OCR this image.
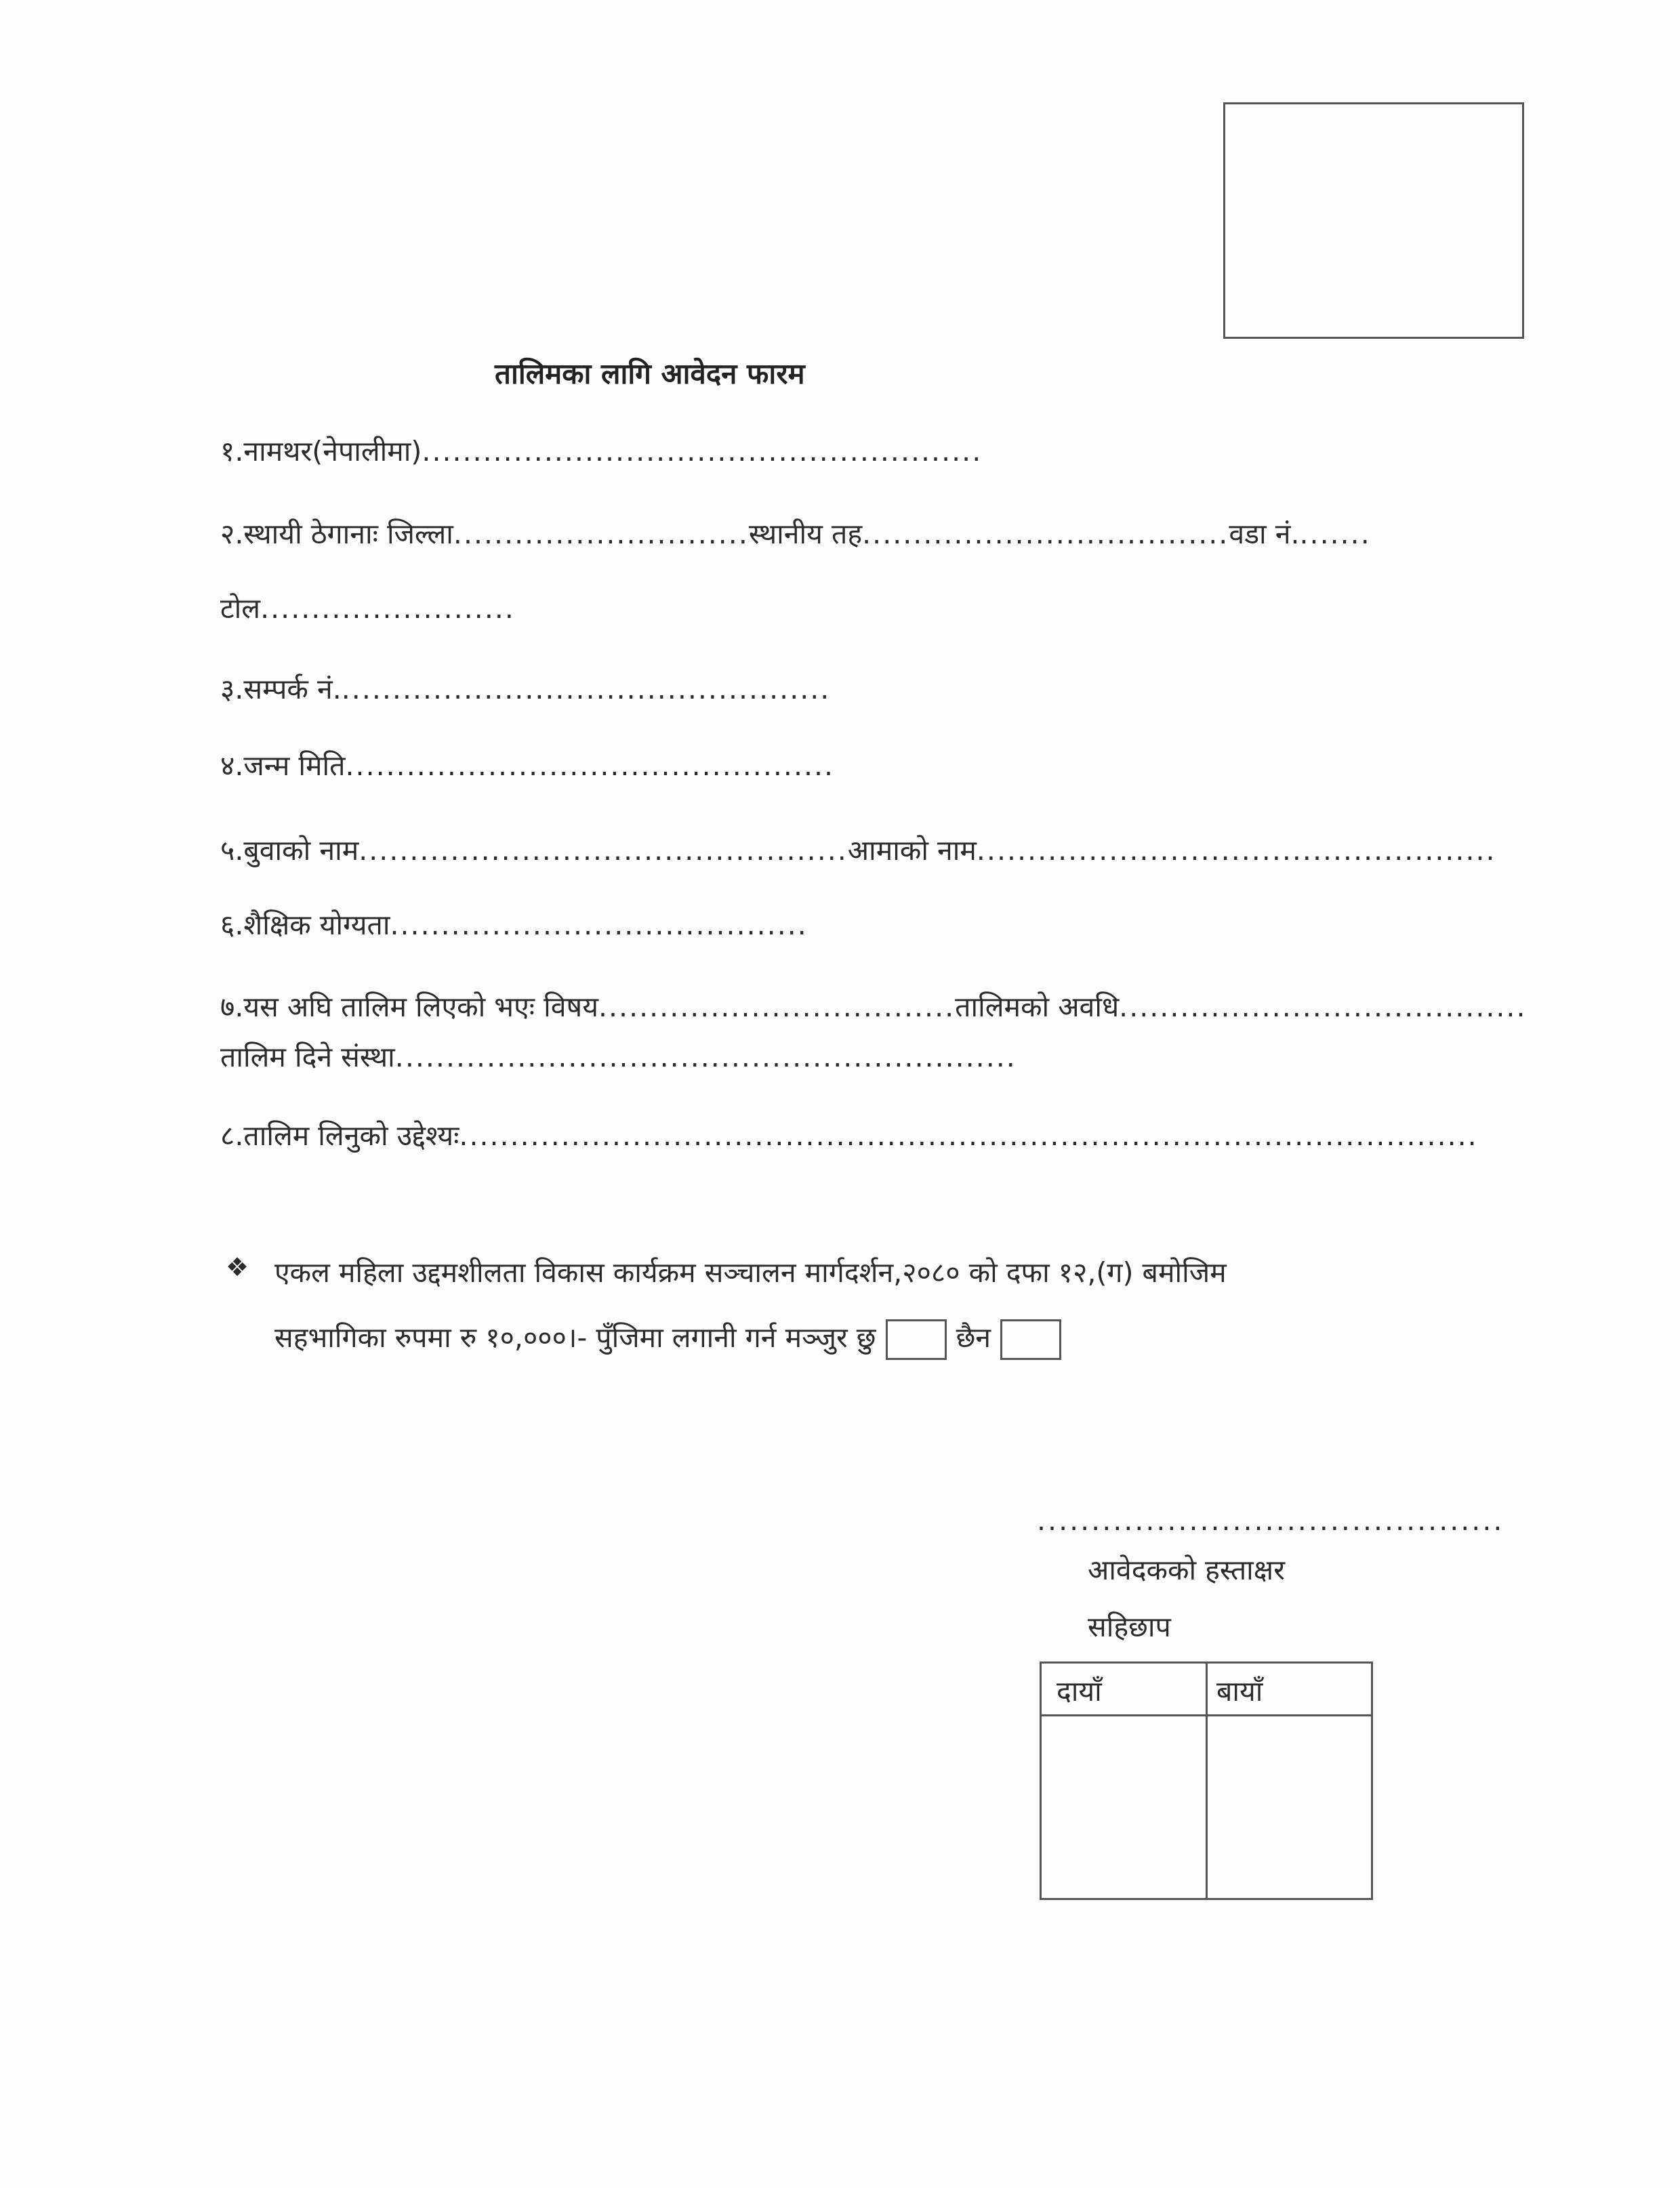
तालिमका लागि आवेदन फारम
१.नामथर(नेपालीमा).......................................................
२.स्थायी ठेगानाः जिल्ला.............................स्थानीय तह....................................वडा नं........
टोल.........................
३.सम्पर्क नं.................................................
४.जन्म मिति................................................
५.बुवाको नाम................................................आमाको नाम...................................................
६.शैक्षिक योग्यता.........................................
७.यस अघि तालिम लिएको भएः विषय...................................तालिमको अवधि........................................
तालिम दिने संस्था.............................................................
८.तालिम लिनुको उद्देश्यः....................................................................................................
❖ एकल महिला उद्दमशीलता विकास कार्यक्रम सञ्चालन मार्गदर्शन,२०८० को दफा १२,(ग) बमोजिम
सहभागिका रुपमा रु १०,०००।- पुँजिमा लगानी गर्न मञ्जुर छु	छैन
...........................................
आवेदकको हस्ताक्षर
सहिछाप
दायाँ	बायाँ
